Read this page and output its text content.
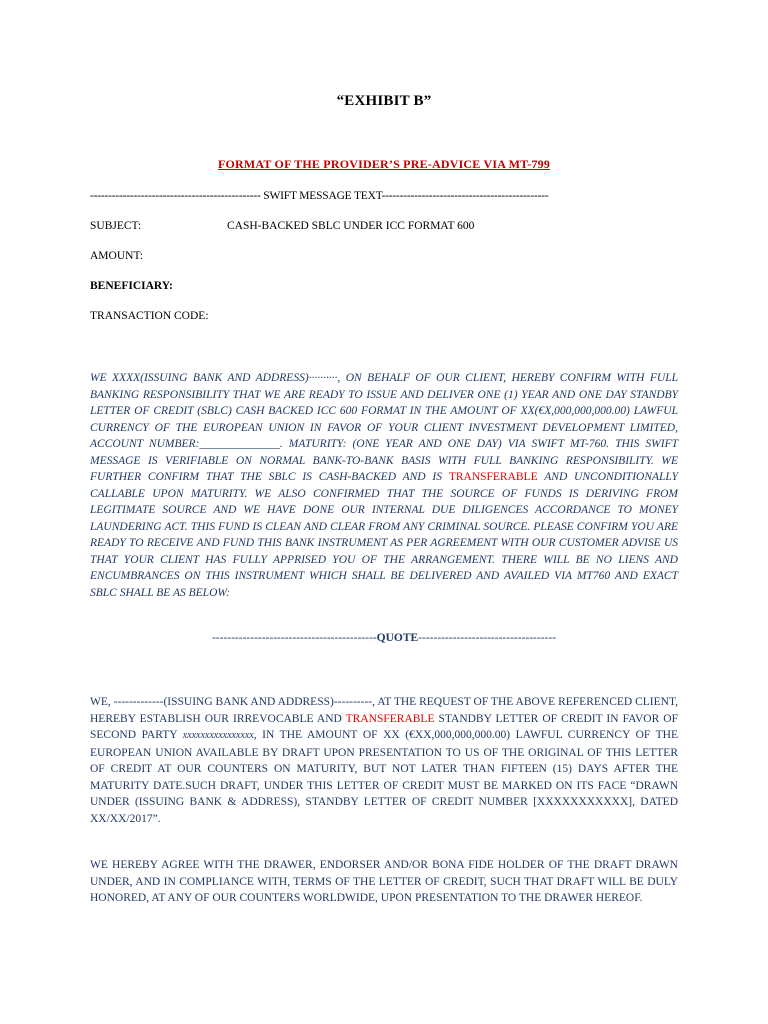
“EXHIBIT B”
FORMAT OF THE PROVIDER’S PRE-ADVICE VIA MT-799
----------------------------------------------- SWIFT MESSAGE TEXT----------------------------------------------
SUBJECT:	CASH-BACKED SBLC UNDER ICC FORMAT 600
AMOUNT:
BENEFICIARY:
TRANSACTION CODE:
WE XXXX(ISSUING BANK AND ADDRESS)··········, ON BEHALF OF OUR CLIENT, HEREBY CONFIRM WITH FULL BANKING RESPONSIBILITY THAT WE ARE READY TO ISSUE AND DELIVER ONE (1) YEAR AND ONE DAY STANDBY LETTER OF CREDIT (SBLC) CASH BACKED ICC 600 FORMAT IN THE AMOUNT OF XX(€X,000,000,000.00) LAWFUL CURRENCY OF THE EUROPEAN UNION IN FAVOR OF YOUR CLIENT INVESTMENT DEVELOPMENT LIMITED, ACCOUNT NUMBER:______________. MATURITY: (ONE YEAR AND ONE DAY) VIA SWIFT MT-760. THIS SWIFT MESSAGE IS VERIFIABLE ON NORMAL BANK-TO-BANK BASIS WITH FULL BANKING RESPONSIBILITY. WE FURTHER CONFIRM THAT THE SBLC IS CASH-BACKED AND IS TRANSFERABLE AND UNCONDITIONALLY CALLABLE UPON MATURITY. WE ALSO CONFIRMED THAT THE SOURCE OF FUNDS IS DERIVING FROM LEGITIMATE SOURCE AND WE HAVE DONE OUR INTERNAL DUE DILIGENCES ACCORDANCE TO MONEY LAUNDERING ACT. THIS FUND IS CLEAN AND CLEAR FROM ANY CRIMINAL SOURCE. PLEASE CONFIRM YOU ARE READY TO RECEIVE AND FUND THIS BANK INSTRUMENT AS PER AGREEMENT WITH OUR CUSTOMER ADVISE US THAT YOUR CLIENT HAS FULLY APPRISED YOU OF THE ARRANGEMENT. THERE WILL BE NO LIENS AND ENCUMBRANCES ON THIS INSTRUMENT WHICH SHALL BE DELIVERED AND AVAILED VIA MT760 AND EXACT SBLC SHALL BE AS BELOW:
-------------------------------------------QUOTE------------------------------------
WE, -------------(ISSUING BANK AND ADDRESS)----------, AT THE REQUEST OF THE ABOVE REFERENCED CLIENT, HEREBY ESTABLISH OUR IRREVOCABLE AND TRANSFERABLE STANDBY LETTER OF CREDIT IN FAVOR OF SECOND PARTY xxxxxxxxxxxxxxxx, IN THE AMOUNT OF XX (€XX,000,000,000.00) LAWFUL CURRENCY OF THE EUROPEAN UNION AVAILABLE BY DRAFT UPON PRESENTATION TO US OF THE ORIGINAL OF THIS LETTER OF CREDIT AT OUR COUNTERS ON MATURITY, BUT NOT LATER THAN FIFTEEN (15) DAYS AFTER THE MATURITY DATE.SUCH DRAFT, UNDER THIS LETTER OF CREDIT MUST BE MARKED ON ITS FACE “DRAWN UNDER (ISSUING BANK & ADDRESS), STANDBY LETTER OF CREDIT NUMBER [XXXXXXXXXXX], DATED XX/XX/2017”.
WE HEREBY AGREE WITH THE DRAWER, ENDORSER AND/OR BONA FIDE HOLDER OF THE DRAFT DRAWN UNDER, AND IN COMPLIANCE WITH, TERMS OF THE LETTER OF CREDIT, SUCH THAT DRAFT WILL BE DULY HONORED, AT ANY OF OUR COUNTERS WORLDWIDE, UPON PRESENTATION TO THE DRAWER HEREOF.
